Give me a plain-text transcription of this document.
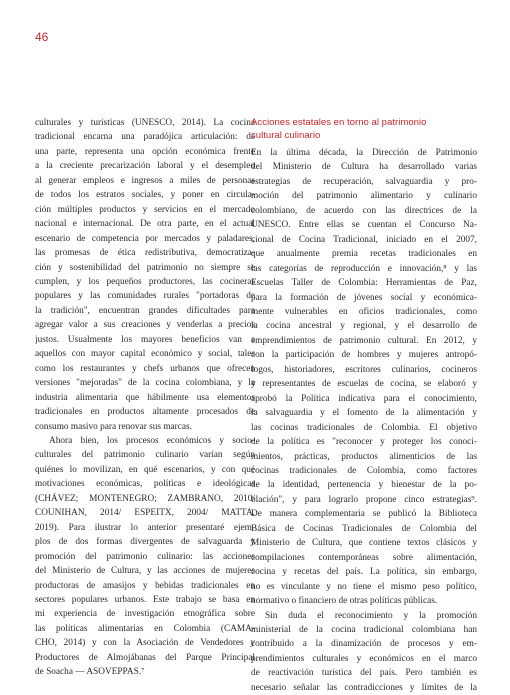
46
culturales y turísticas (UNESCO, 2014). La cocina
tradicional encarna una paradójica articulación: de
una parte, representa una opción económica frente
a la creciente precarización laboral y el desempleo
al generar empleos e ingresos a miles de personas
de todos los estratos sociales, y poner en circula-
ción múltiples productos y servicios en el mercado
nacional e internacional. De otra parte, en el actual
escenario de competencia por mercados y paladares,
las promesas de ética redistributiva, democratiza-
ción y sostenibilidad del patrimonio no siempre se
cumplen, y los pequeños productores, las cocineras
populares y las comunidades rurales "portadoras de
la tradición", encuentran grandes dificultades para
agregar valor a sus creaciones y venderlas a precios
justos. Usualmente los mayores beneficios van a
aquellos con mayor capital económico y social, tales
como los restaurantes y chefs urbanos que ofrecen
versiones "mejoradas" de la cocina colombiana, y la
industria alimentaria que hábilmente usa elementos
tradicionales en productos altamente procesados de
consumo masivo para renovar sus marcas.
Ahora bien, los procesos económicos y socio-
culturales del patrimonio culinario varían según
quiénes lo movilizan, en qué escenarios, y con qué
motivaciones económicas, políticas e ideológicas
(CHÁVEZ; MONTENEGRO; ZAMBRANO, 2010/
COUNIHAN, 2014/ ESPEITX, 2004/ MATTA,
2019). Para ilustrar lo anterior presentaré ejem-
plos de dos formas divergentes de salvaguarda y
promoción del patrimonio culinario: las acciones
del Ministerio de Cultura, y las acciones de mujeres
productoras de amasijos y bebidas tradicionales en
sectores populares urbanos. Este trabajo se basa en
mi experiencia de investigación etnográfica sobre
las políticas alimentarias en Colombia (CAMA-
CHO, 2014) y con la Asociación de Vendedores y
Productores de Almojábanas del Parque Principal
de Soacha — ASOVEPPAS.⁷
Acciones estatales en torno al patrimonio
cultural culinario
En la última década, la Dirección de Patrimonio
del Ministerio de Cultura ha desarrollado varias
estrategias de recuperación, salvaguardia y pro-
moción del patrimonio alimentario y culinario
colombiano, de acuerdo con las directrices de la
UNESCO. Entre ellas se cuentan el Concurso Na-
cional de Cocina Tradicional, iniciado en el 2007,
que anualmente premia recetas tradicionales en
las categorías de reproducción e innovación,⁸ y las
Escuelas Taller de Colombia: Herramientas de Paz,
para la formación de jóvenes social y económica-
mente vulnerables en oficios tradicionales, como
la cocina ancestral y regional, y el desarrollo de
emprendimientos de patrimonio cultural. En 2012, y
con la participación de hombres y mujeres antropó-
logos, historiadores, escritores culinarios, cocineros
y representantes de escuelas de cocina, se elaboró y
aprobó la Política indicativa para el conocimiento,
la salvaguardia y el fomento de la alimentación y
las cocinas tradicionales de Colombia. El objetivo
de la política es "reconocer y proteger los conoci-
mientos, prácticas, productos alimenticios de las
cocinas tradicionales de Colombia, como factores
de la identidad, pertenencia y bienestar de la po-
blación", y para lograrlo propone cinco estrategias⁹.
De manera complementaria se publicó la Biblioteca
Básica de Cocinas Tradicionales de Colombia del
Ministerio de Cultura, que contiene textos clásicos y
compilaciones contemporáneas sobre alimentación,
cocina y recetas del país. La política, sin embargo,
no es vinculante y no tiene el mismo peso político,
normativo o financiero de otras políticas públicas.
Sin duda el reconocimiento y la promoción
ministerial de la cocina tradicional colombiana han
contribuido a la dinamización de procesos y em-
prendimientos culturales y económicos en el marco
de reactivación turística del país. Pero también es
necesario señalar las contradicciones y límites de la
